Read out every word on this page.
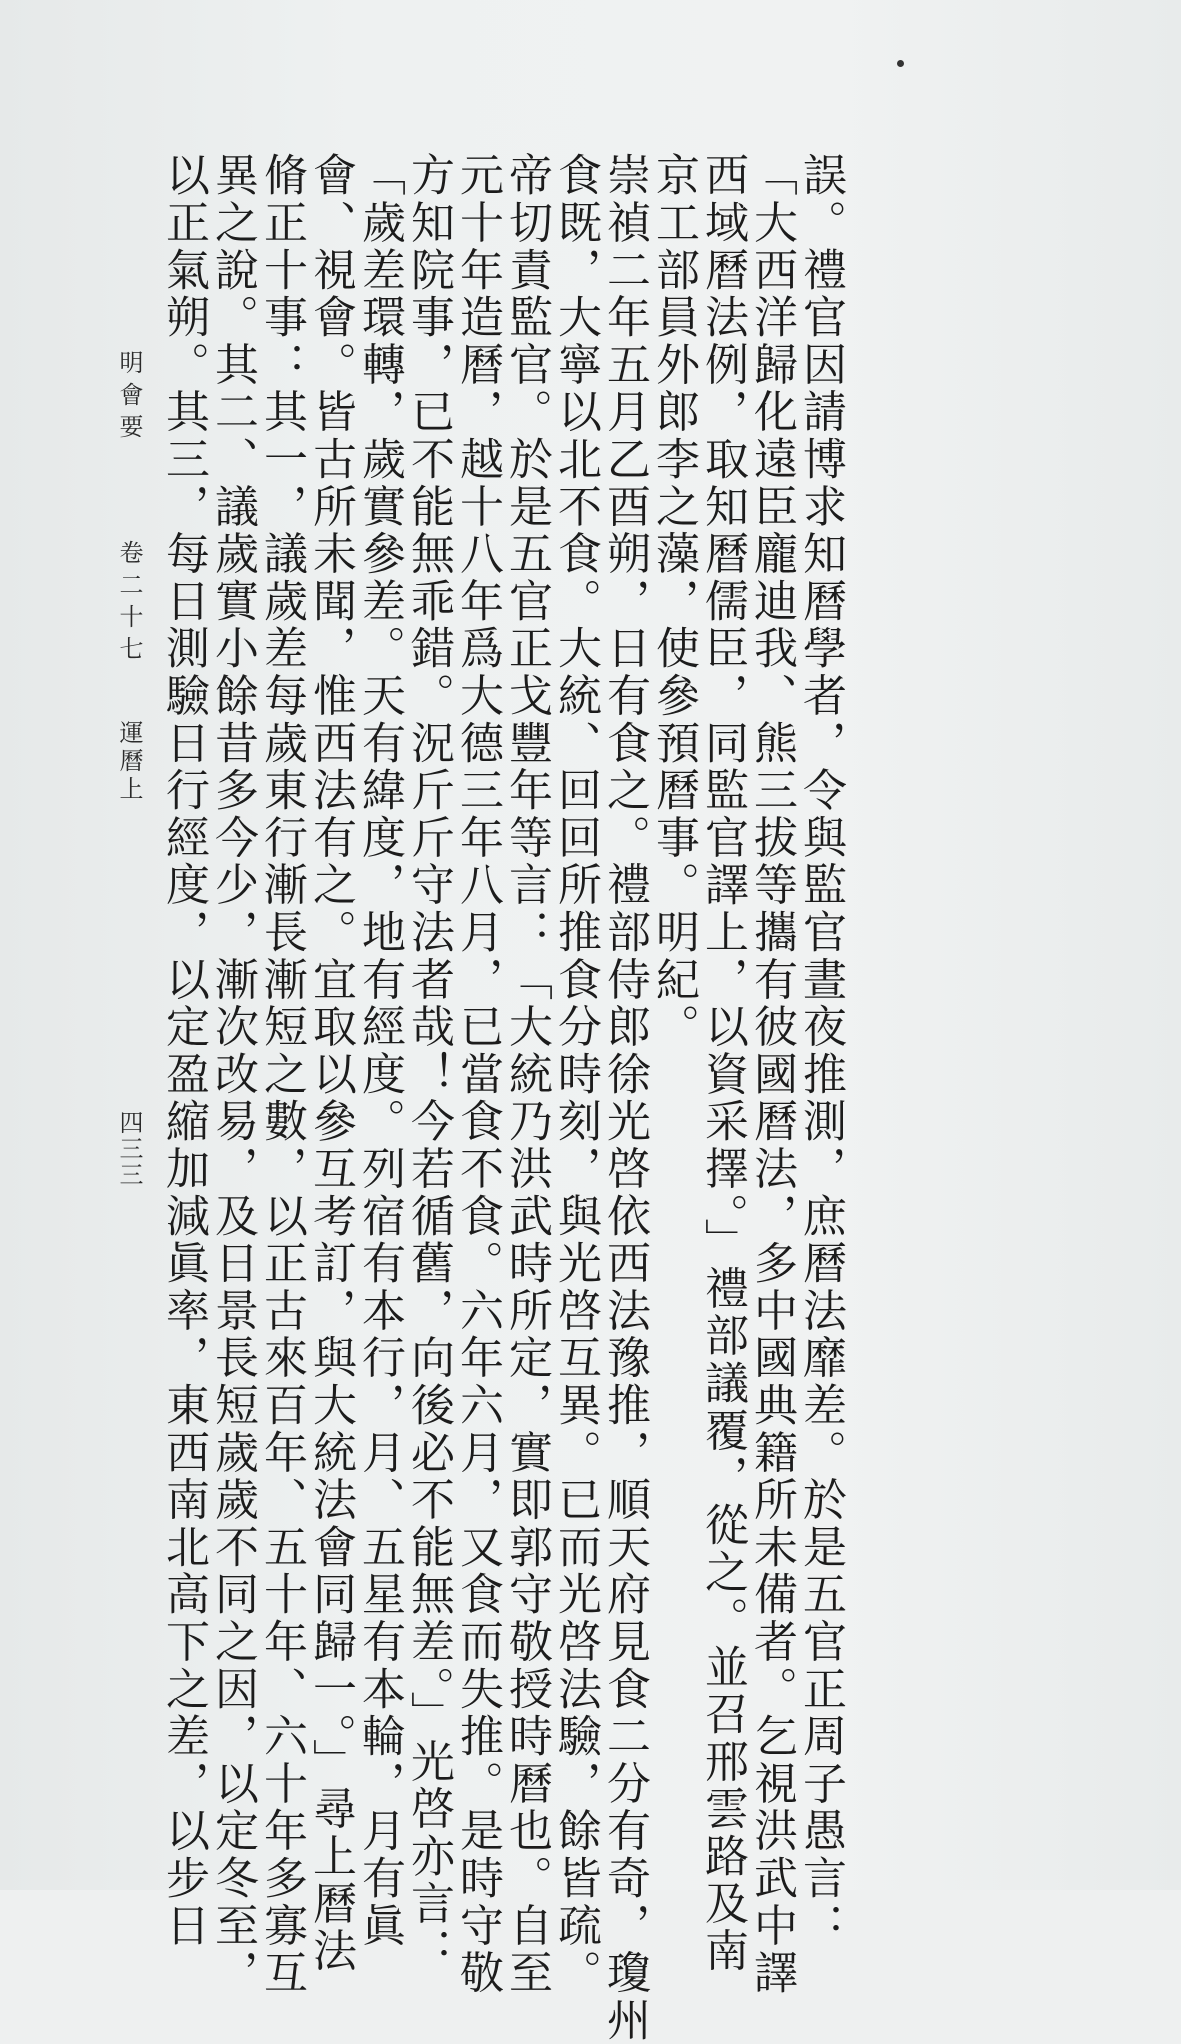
誤。禮官因請博求知曆學者，令與監官晝夜推測，庶曆法靡差。於是五官正周子愚言：
「大西洋歸化遠臣龐迪我、熊三拔等攜有彼國曆法，多中國典籍所未備者。乞視洪武中譯
西域曆法例，取知曆儒臣，同監官譯上，以資采擇。」禮部議覆，從之。並召邢雲路及南
京工部員外郎李之藻，使參預曆事。明紀。
崇禎二年五月乙酉朔，日有食之。禮部侍郎徐光啓依西法豫推，順天府見食二分有奇，瓊州
食既，大寧以北不食。大統、回回所推食分時刻，與光啓互異。已而光啓法驗，餘皆疏。
帝切責監官。於是五官正戈豐年等言：「大統乃洪武時所定，實即郭守敬授時曆也。自至
元十年造曆，越十八年爲大德三年八月，已當食不食。六年六月，又食而失推。是時守敬
方知院事，已不能無乖錯。況斤斤守法者哉！今若循舊，向後必不能無差。」光啓亦言：
「歲差環轉，歲實參差。天有緯度，地有經度。列宿有本行，月、五星有本輪，月有眞
會、視會。皆古所未聞，惟西法有之。宜取以參互考訂，與大統法會同歸一。」尋上曆法
脩正十事：其一，議歲差每歲東行漸長漸短之數，以正古來百年、五十年、六十年多寡互
異之說。其二、議歲實小餘昔多今少，漸次改易，及日景長短歲歲不同之因，以定冬至，
以正氣朔。其三，每日測驗日行經度，以定盈縮加減眞率，東西南北高下之差，以步日
明會要
卷二十七
運曆上
四三三
